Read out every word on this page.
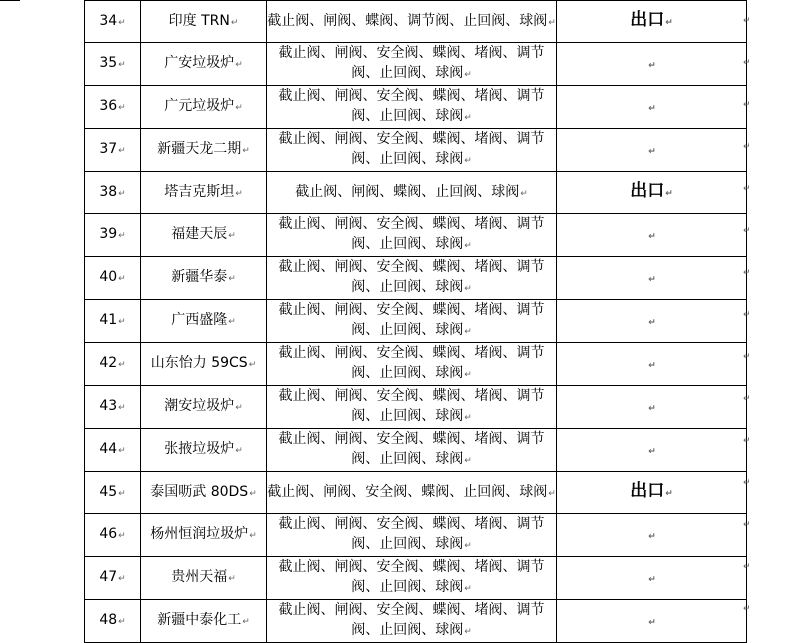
34↵	印度 TRN↵	截止阀、闸阀、蝶阀、调节阀、止回阀、球阀↵	出口↵
35↵	广安垃圾炉↵	截止阀、闸阀、安全阀、蝶阀、堵阀、调节阀、止回阀、球阀↵	↵
36↵	广元垃圾炉↵	截止阀、闸阀、安全阀、蝶阀、堵阀、调节阀、止回阀、球阀↵	↵
37↵	新疆天龙二期↵	截止阀、闸阀、安全阀、蝶阀、堵阀、调节阀、止回阀、球阀↵	↵
38↵	塔吉克斯坦↵	截止阀、闸阀、蝶阀、止回阀、球阀↵	出口↵
39↵	福建天辰↵	截止阀、闸阀、安全阀、蝶阀、堵阀、调节阀、止回阀、球阀↵	↵
40↵	新疆华泰↵	截止阀、闸阀、安全阀、蝶阀、堵阀、调节阀、止回阀、球阀↵	↵
41↵	广西盛隆↵	截止阀、闸阀、安全阀、蝶阀、堵阀、调节阀、止回阀、球阀↵	↵
42↵	山东怡力 59CS↵	截止阀、闸阀、安全阀、蝶阀、堵阀、调节阀、止回阀、球阀↵	↵
43↵	潮安垃圾炉↵	截止阀、闸阀、安全阀、蝶阀、堵阀、调节阀、止回阀、球阀↵	↵
44↵	张掖垃圾炉↵	截止阀、闸阀、安全阀、蝶阀、堵阀、调节阀、止回阀、球阀↵	↵
45↵	泰国呖武 80DS↵	截止阀、闸阀、安全阀、蝶阀、止回阀、球阀↵	出口↵
46↵	杨州恒润垃圾炉↵	截止阀、闸阀、安全阀、蝶阀、堵阀、调节阀、止回阀、球阀↵	↵
47↵	贵州天福↵	截止阀、闸阀、安全阀、蝶阀、堵阀、调节阀、止回阀、球阀↵	↵
48↵	新疆中泰化工↵	截止阀、闸阀、安全阀、蝶阀、堵阀、调节阀、止回阀、球阀↵	↵
↵
↵
↵
↵
↵
↵
↵
↵
↵
↵
↵
↵
↵
↵
↵
